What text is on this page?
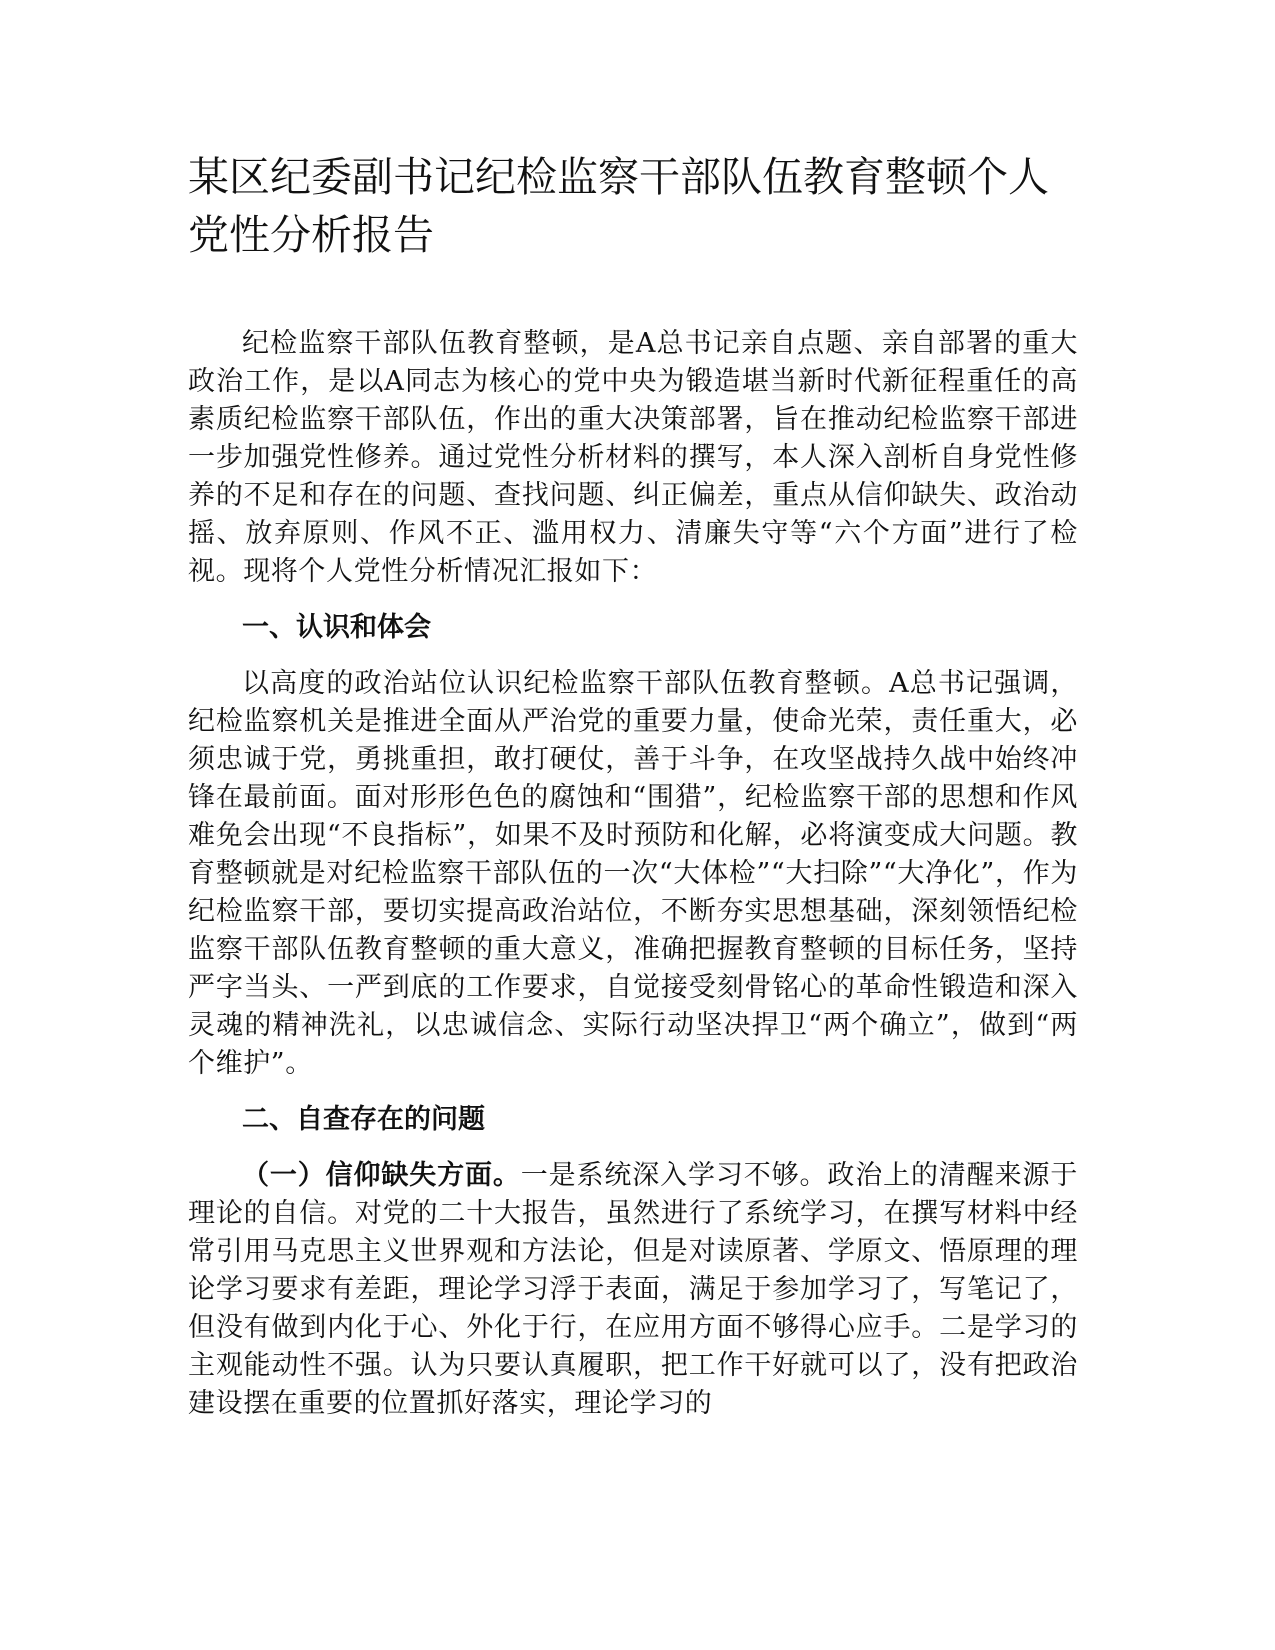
某区纪委副书记纪检监察干部队伍教育整顿个人党性分析报告

纪检监察干部队伍教育整顿，是A总书记亲自点题、亲自部署的重大政治工作，是以A同志为核心的党中央为锻造堪当新时代新征程重任的高素质纪检监察干部队伍，作出的重大决策部署，旨在推动纪检监察干部进一步加强党性修养。通过党性分析材料的撰写，本人深入剖析自身党性修养的不足和存在的问题、查找问题、纠正偏差，重点从信仰缺失、政治动摇、放弃原则、作风不正、滥用权力、清廉失守等“六个方面”进行了检视。现将个人党性分析情况汇报如下：

一、认识和体会

以高度的政治站位认识纪检监察干部队伍教育整顿。A总书记强调，纪检监察机关是推进全面从严治党的重要力量，使命光荣，责任重大，必须忠诚于党，勇挑重担，敢打硬仗，善于斗争，在攻坚战持久战中始终冲锋在最前面。面对形形色色的腐蚀和“围猎”，纪检监察干部的思想和作风难免会出现“不良指标”，如果不及时预防和化解，必将演变成大问题。教育整顿就是对纪检监察干部队伍的一次“大体检”“大扫除”“大净化”，作为纪检监察干部，要切实提高政治站位，不断夯实思想基础，深刻领悟纪检监察干部队伍教育整顿的重大意义，准确把握教育整顿的目标任务，坚持严字当头、一严到底的工作要求，自觉接受刻骨铭心的革命性锻造和深入灵魂的精神洗礼，以忠诚信念、实际行动坚决捍卫“两个确立”，做到“两个维护”。

二、自查存在的问题

（一）信仰缺失方面。一是系统深入学习不够。政治上的清醒来源于理论的自信。对党的二十大报告，虽然进行了系统学习，在撰写材料中经常引用马克思主义世界观和方法论，但是对读原著、学原文、悟原理的理论学习要求有差距，理论学习浮于表面，满足于参加学习了，写笔记了，但没有做到内化于心、外化于行，在应用方面不够得心应手。二是学习的主观能动性不强。认为只要认真履职，把工作干好就可以了，没有把政治建设摆在重要的位置抓好落实，理论学习的
